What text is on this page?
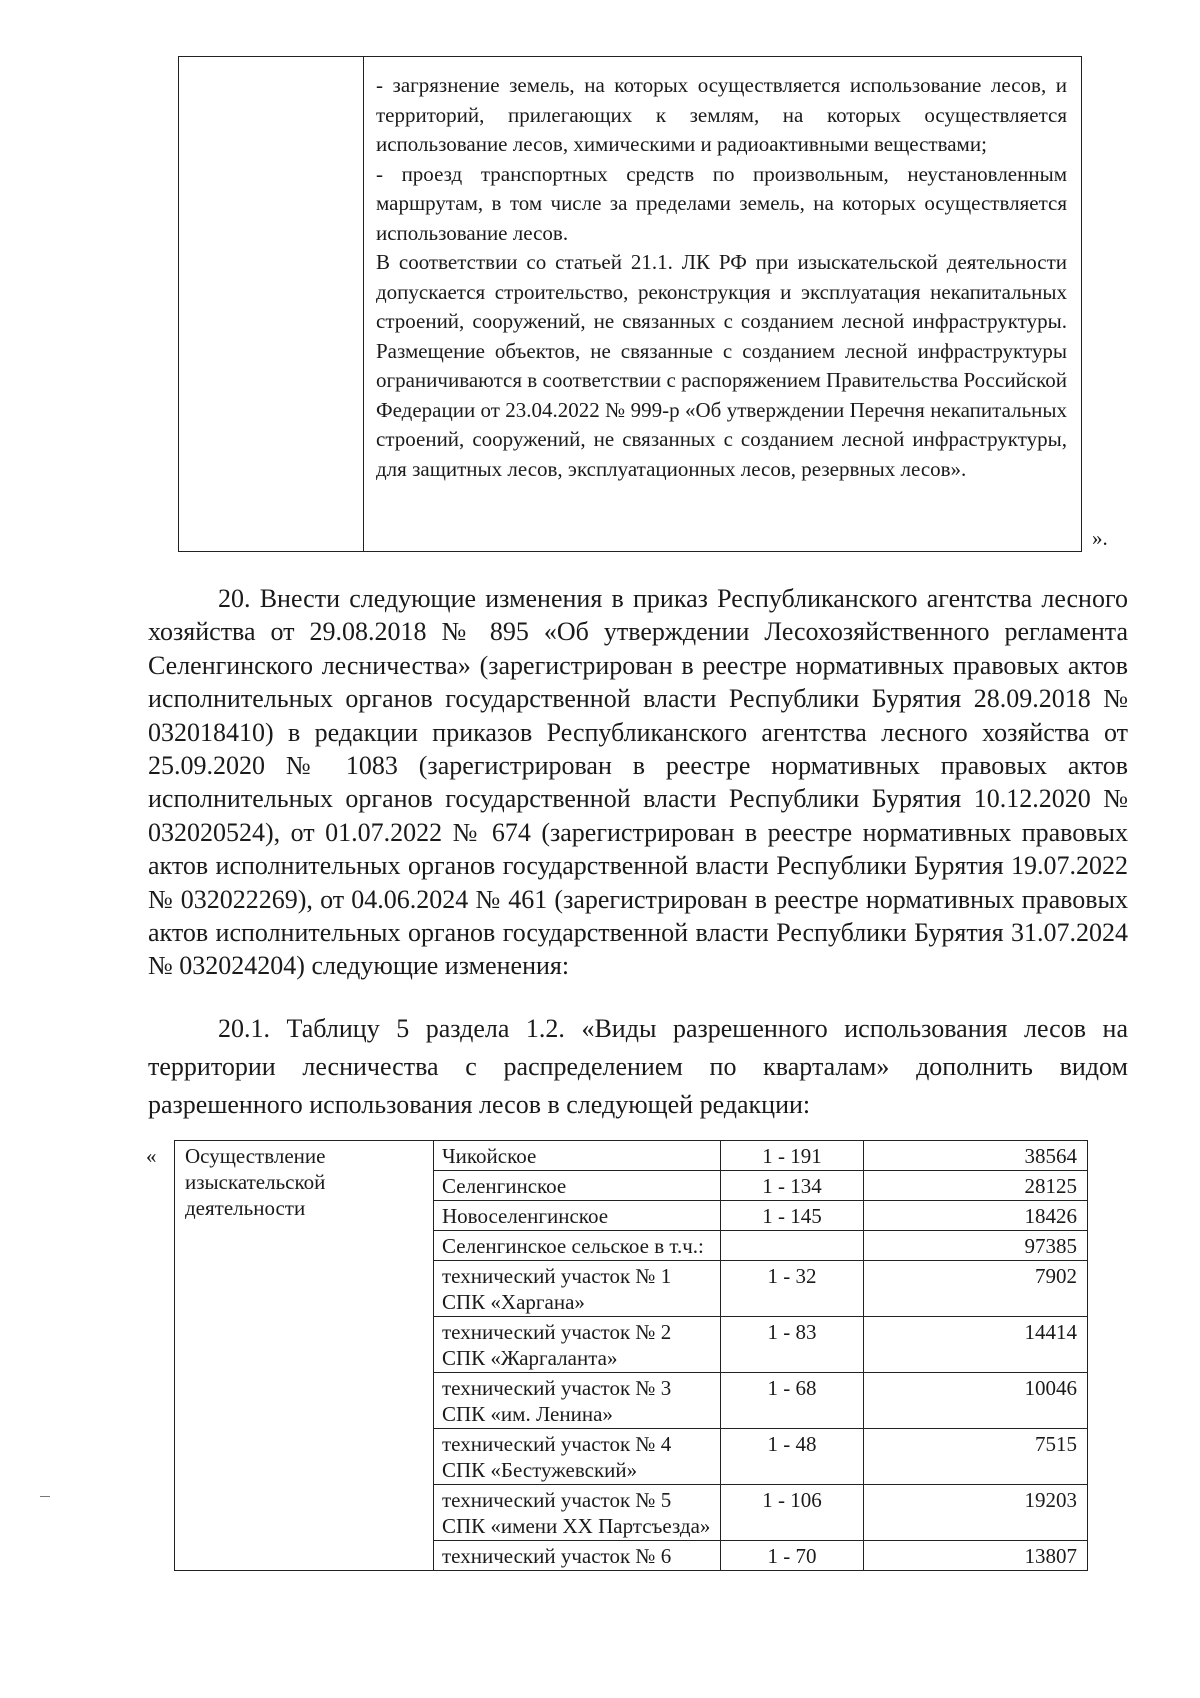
- загрязнение земель, на которых осуществляется использование лесов, и территорий, прилегающих к землям, на которых осуществляется использование лесов, химическими и радиоактивными веществами;

- проезд транспортных средств по произвольным, неустановленным маршрутам, в том числе за пределами земель, на которых осуществляется использование лесов.

В соответствии со статьей 21.1. ЛК РФ при изыскательской деятельности допускается строительство, реконструкция и эксплуатация некапитальных строений, сооружений, не связанных с созданием лесной инфраструктуры. Размещение объектов, не связанные с созданием лесной инфраструктуры ограничиваются в соответствии с распоряжением Правительства Российской Федерации от 23.04.2022 № 999-р «Об утверждении Перечня некапитальных строений, сооружений, не связанных с созданием лесной инфраструктуры, для защитных лесов, эксплуатационных лесов, резервных лесов».

».

20. Внести следующие изменения в приказ Республиканского агентства лесного хозяйства от 29.08.2018 № 895 «Об утверждении Лесохозяйственного регламента Селенгинского лесничества» (зарегистрирован в реестре нормативных правовых актов исполнительных органов государственной власти Республики Бурятия 28.09.2018 № 032018410) в редакции приказов Республиканского агентства лесного хозяйства от 25.09.2020 № 1083 (зарегистрирован в реестре нормативных правовых актов исполнительных органов государственной власти Республики Бурятия 10.12.2020 № 032020524), от 01.07.2022 № 674 (зарегистрирован в реестре нормативных правовых актов исполнительных органов государственной власти Республики Бурятия 19.07.2022 № 032022269), от 04.06.2024 № 461 (зарегистрирован в реестре нормативных правовых актов исполнительных органов государственной власти Республики Бурятия 31.07.2024 № 032024204) следующие изменения:

20.1. Таблицу 5 раздела 1.2. «Виды разрешенного использования лесов на территории лесничества с распределением по кварталам» дополнить видом разрешенного использования лесов в следующей редакции:

« Осуществление изыскательской деятельности	Чикойское	1 - 191	38564
	Селенгинское	1 - 134	28125
	Новоселенгинское	1 - 145	18426
	Селенгинское сельское в т.ч.:		97385
	технический участок № 1 СПК «Харгана»	1 - 32	7902
	технический участок № 2 СПК «Жаргаланта»	1 - 83	14414
	технический участок № 3 СПК «им. Ленина»	1 - 68	10046
	технический участок № 4 СПК «Бестужевский»	1 - 48	7515
	технический участок № 5 СПК «имени XX Партсъезда»	1 - 106	19203
	технический участок № 6	1 - 70	13807
